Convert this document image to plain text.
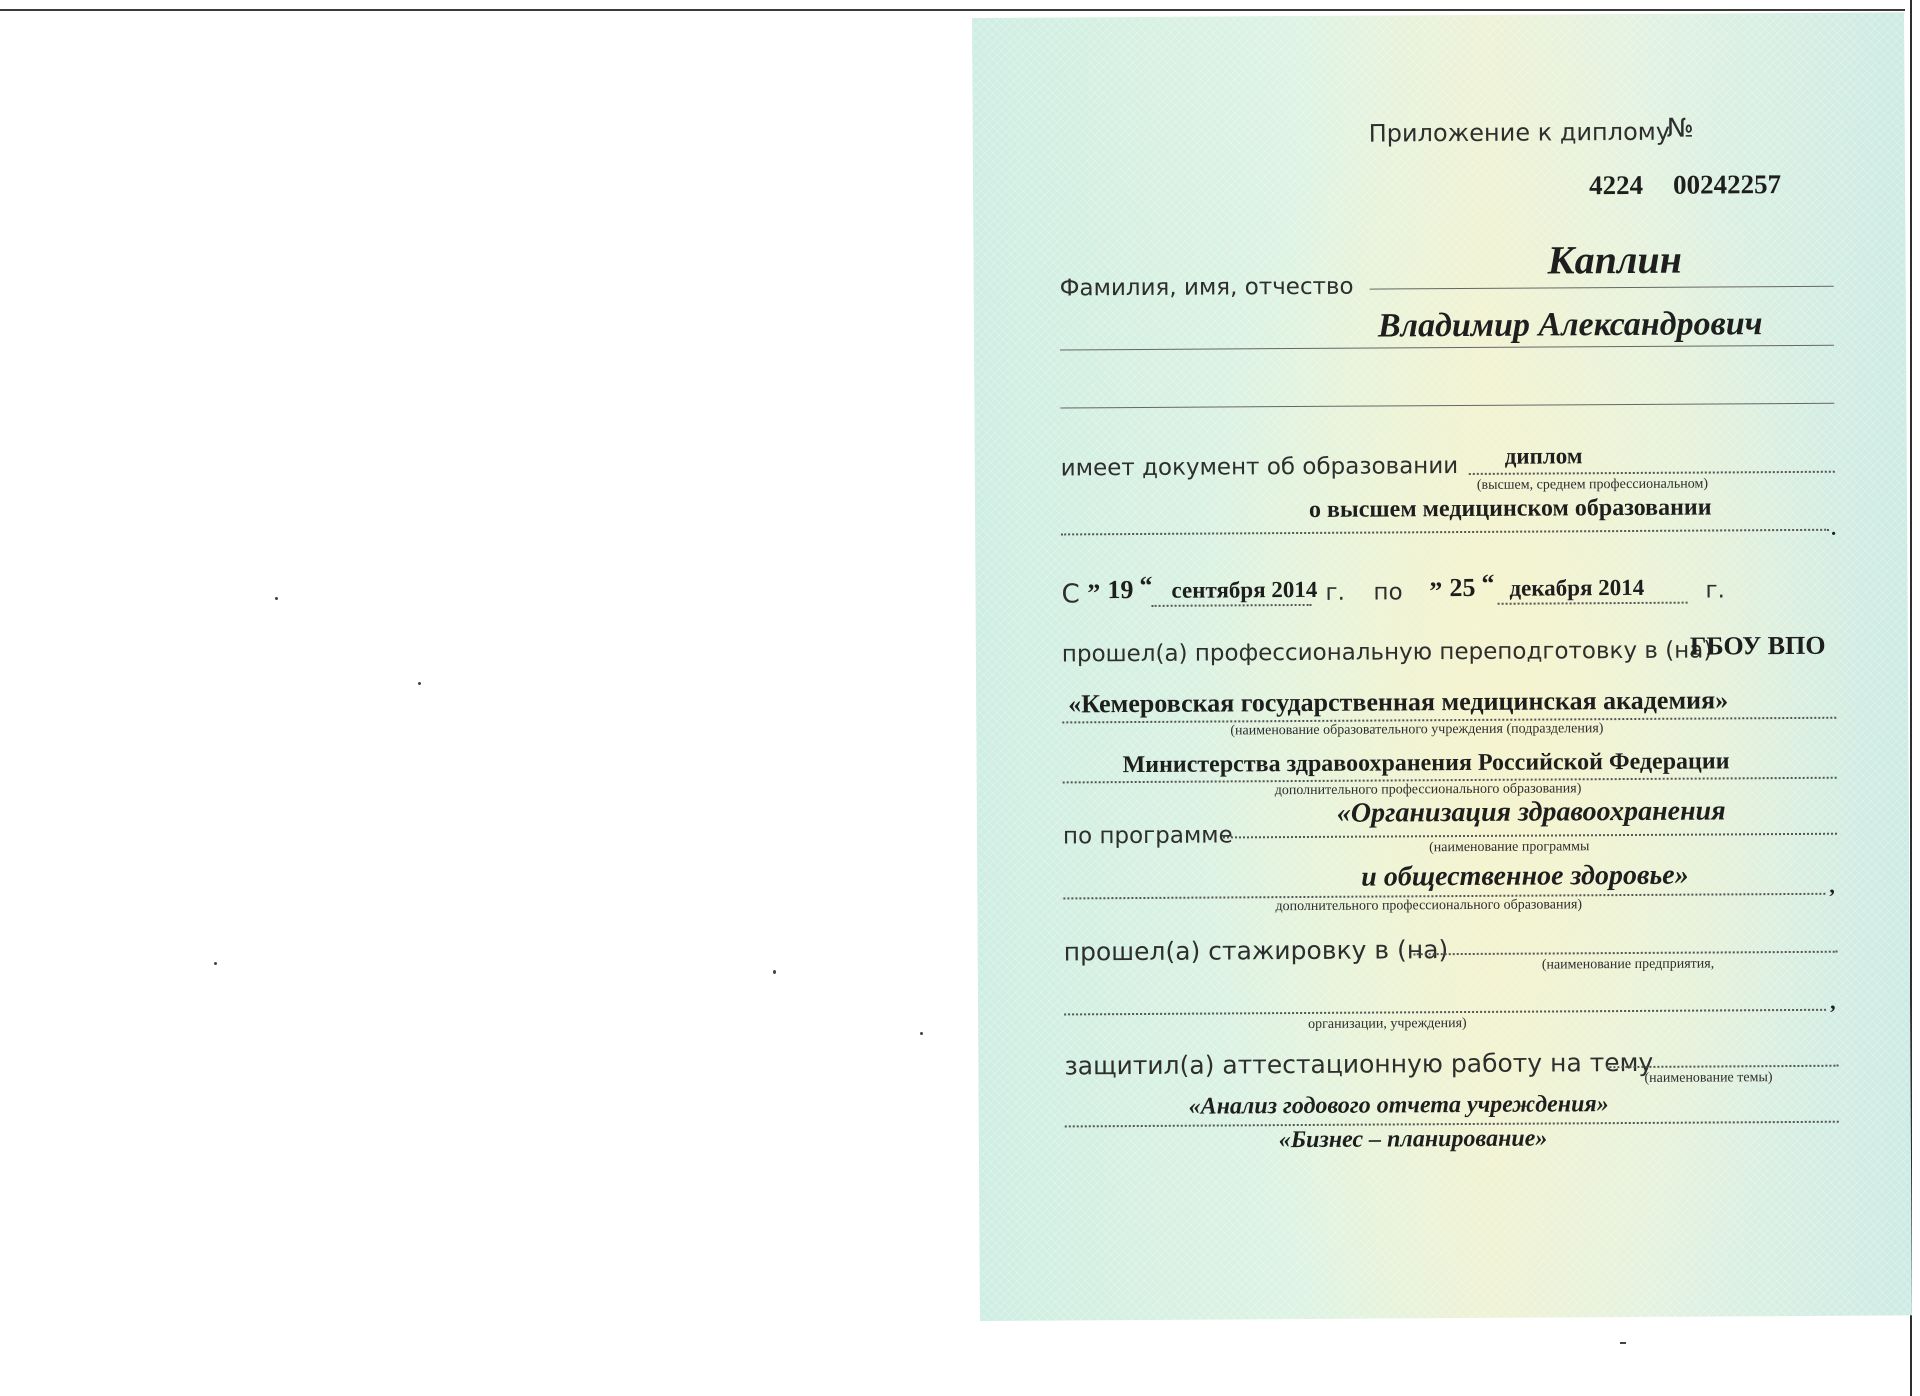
Приложение к диплому
№
4224 00242257
Фамилия, имя, отчество
Каплин
Владимир Александрович
имеет документ об образовании диплом
(высшем, среднем профессиональном)
о высшем медицинском образовании
.
С „ 19 “ сентября 2014 г. по
„ 25 “ декабря 2014	г.
прошел(а) профессиональную переподготовку в (на)
ГБОУ ВПО
«Кемеровская государственная медицинская академия»
(наименование образовательного учреждения (подразделения)
Министерства здравоохранения Российской Федерации
дополнительного профессионального образования)
по программе
«Организация здравоохранения
(наименование программы
и общественное здоровье»	,
дополнительного профессионального образования)
прошел(а) стажировку в (на)	(наименование предприятия,
,
организации, учреждения)
защитил(а) аттестационную работу на тему
(наименование темы)
«Анализ годового отчета учреждения»
«Бизнес – планирование»
